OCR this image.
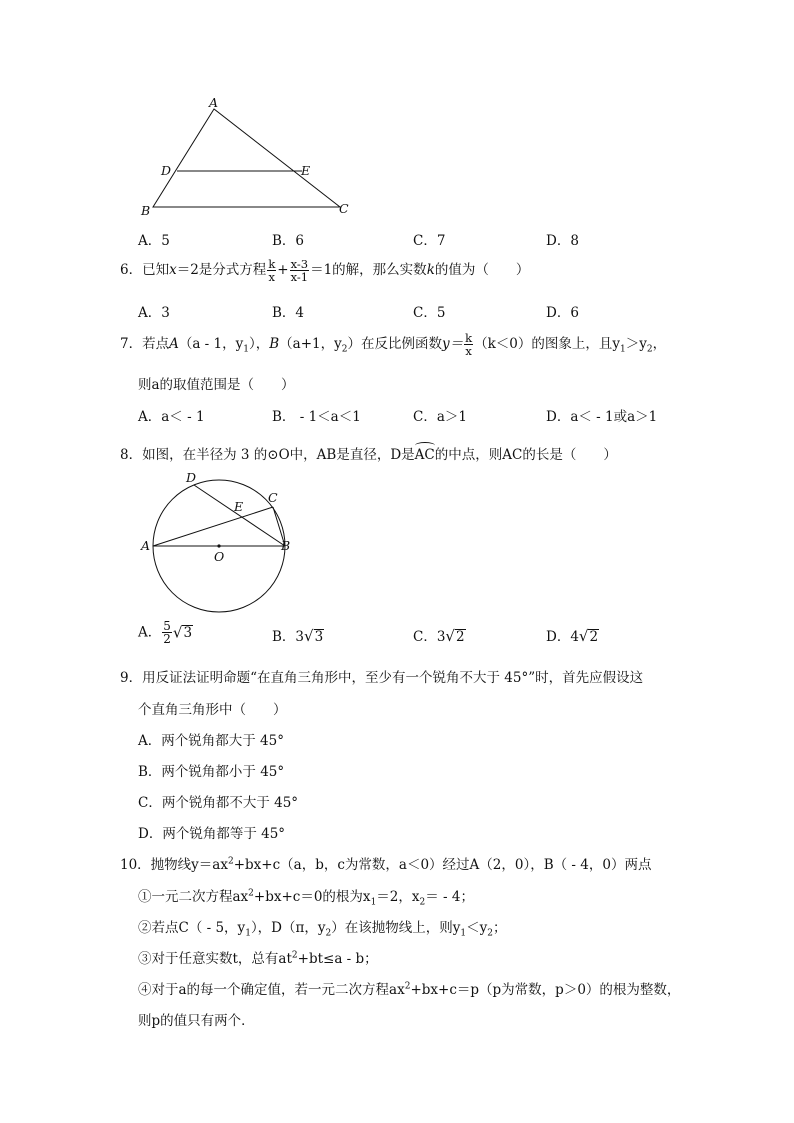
A
D	E
B	C
A．5	B．6	C．7	D．8
6．已知x＝2是分式方程 $\frac{k}{x} + \frac{x-3}{x-1} =1$的解，那么实数k的值为（　　）
A．3	B．4	C．5	D．6
7．若点A（a - 1，$y_1$），B（a+1，$y_2$）在反比例函数$y= \frac{k}{x} (k<0)$的图象上，且$y_1>y_2$，
则a的取值范围是（　　）
A．a＜ - 1	B． - 1＜a＜1	C．a＞1	D．a＜ - 1或a＞1
8．如图，在半径为 3 的⊙O中，AB是直径，D是AC的中点，则AC的长是（　　）
D
C
E
A	B
O
A． $\frac{5}{2} √3$	B．3√3	C．3√2	D．4√2
9．用反证法证明命题“在直角三角形中，至少有一个锐角不大于 45°”时，首先应假设这
个直角三角形中（　　）
A．两个锐角都大于 45°
B．两个锐角都小于 45°
C．两个锐角都不大于 45°
D．两个锐角都等于 45°
10．抛物线$y=ax^2+bx+c(a$，b，c为常数，a＜0）经过A（2，0），B（ - 4，0）两点
①一元二次方程$ax^2+bx+c=0$的根为$x_1=2$，$x_2= - 4$；
②若点C（ - 5，$y_1$），D（π，$y_2$）在该抛物线上，则$y_1<y_2$；
③对于任意实数t，总有$at^2+bt\le a - b$；
④对于a的每一个确定值，若一元二次方程$ax^2+bx+c=p(p$为常数，p＞0）的根为整数，
则p的值只有两个．
